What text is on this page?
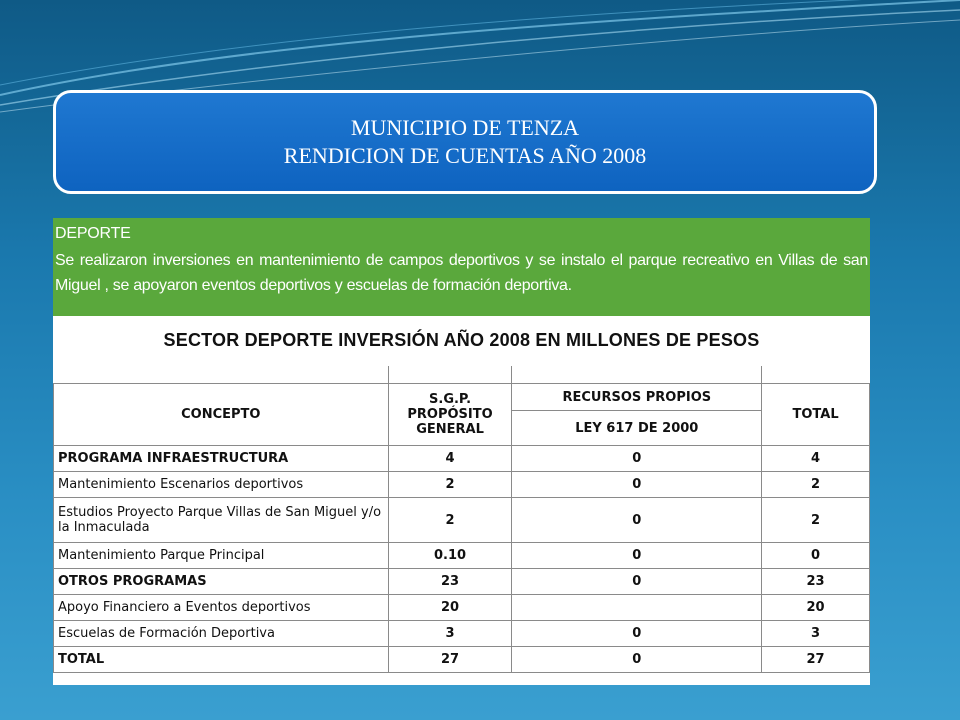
MUNICIPIO DE TENZA
RENDICION DE CUENTAS AÑO 2008
DEPORTE
Se realizaron inversiones en mantenimiento de campos deportivos y se instalo el parque recreativo en Villas de san Miguel , se apoyaron eventos deportivos y escuelas de formación deportiva.
SECTOR DEPORTE INVERSIÓN AÑO 2008 EN MILLONES DE PESOS

CONCEPTO	S.G.P. PROPÓSITO GENERAL	RECURSOS PROPIOS	TOTAL
		LEY 617 DE 2000	
PROGRAMA INFRAESTRUCTURA	4	0	4
Mantenimiento Escenarios deportivos	2	0	2
Estudios Proyecto Parque Villas de San Miguel y/o la Inmaculada	2	0	2
Mantenimiento Parque Principal	0.10	0	0
OTROS PROGRAMAS	23	0	23
Apoyo Financiero a Eventos deportivos	20		20
Escuelas de Formación Deportiva	3	0	3
TOTAL	27	0	27
